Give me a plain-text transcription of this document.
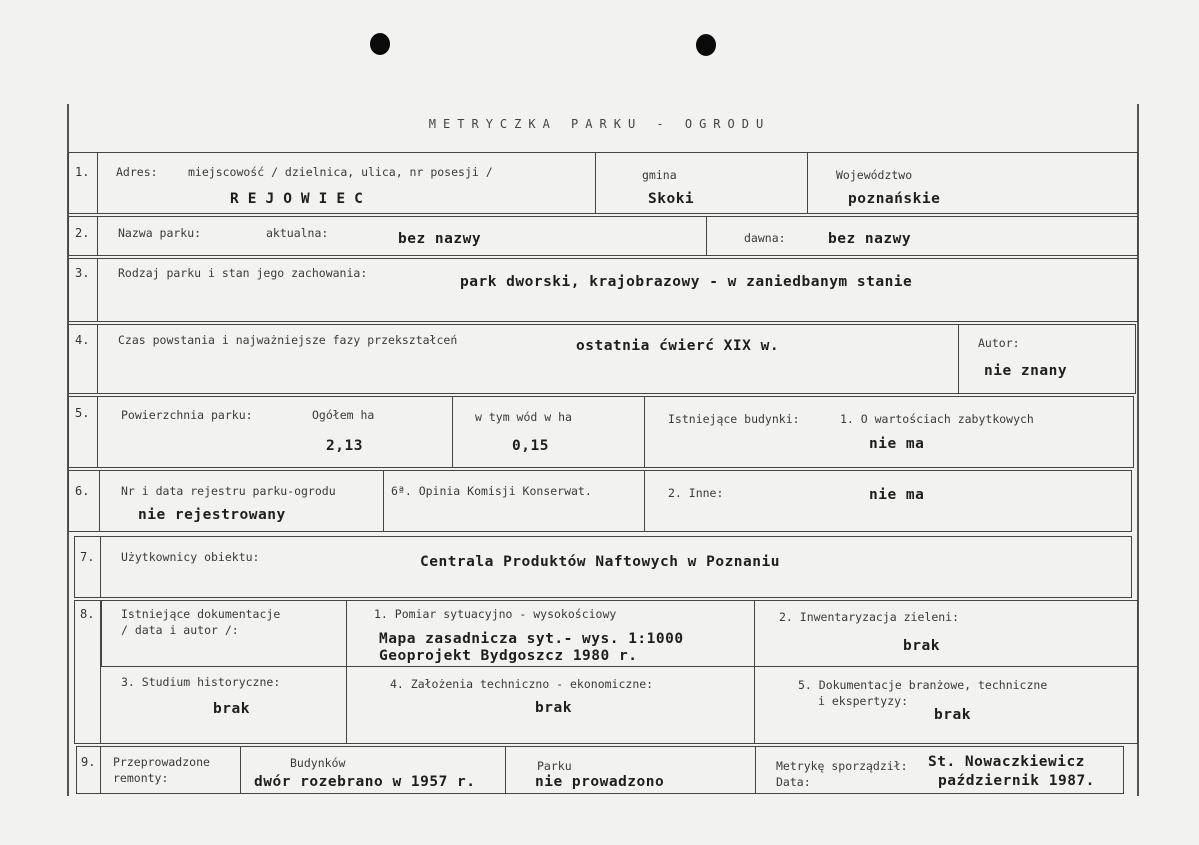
METRYCZKA PARKU - OGRODU
1. Adres:	miejscowość / dzielnica, ulica, nr posesji /
REJOWIEC
gmina
Skoki
Województwo
poznańskie
2. Nazwa parku:	aktualna:	bez nazwy	dawna:	bez nazwy
3. Rodzaj parku i stan jego zachowania:
park dworski, krajobrazowy - w zaniedbanym stanie
4. Czas powstania i najważniejsze fazy przekształceń	ostatnia ćwierć XIX w.	Autor:
nie znany
5.	Powierzchnia parku:	Ogółem ha
2,13
w tym wód w ha
0,15
Istniejące budynki:	1. O wartościach zabytkowych
nie ma
6.	Nr i data rejestru parku-ogrodu
nie rejestrowany
6ª. Opinia Komisji Konserwat.	2. Inne:	nie ma
7. Użytkownicy obiektu:	Centrala Produktów Naftowych w Poznaniu
8. Istniejące dokumentacje
/ data i autor /:
1. Pomiar sytuacyjno - wysokościowy
Mapa zasadnicza syt.- wys. 1:1000
Geoprojekt Bydgoszcz 1980 r.
2. Inwentaryzacja zieleni:
brak
3. Studium historyczne:
brak
4. Założenia techniczno - ekonomiczne:
brak
5. Dokumentacje branżowe, techniczne
i ekspertyzy:
brak
9. Przeprowadzone
remonty:
Budynków
dwór rozebrano w 1957 r.
Parku
nie prowadzono
Metrykę sporządził: St. Nowaczkiewicz
Data:	październik 1987.
